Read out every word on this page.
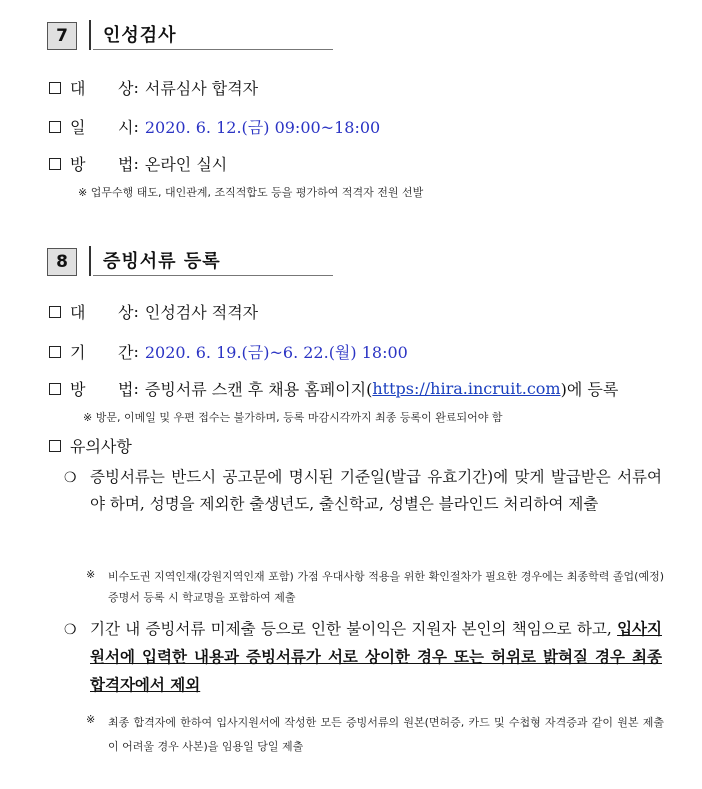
7	인성검사
대	상 : 서류심사 합격자
일	시 : 2020. 6. 12.(금) 09:00~18:00
방	법 : 온라인 실시
※ 업무수행 태도, 대인관계, 조직적합도 등을 평가하여 적격자 전원 선발
8	증빙서류 등록
대	상 : 인성검사 적격자
기	간 : 2020. 6. 19.(금)~6. 22.(월) 18:00
방	법 : 증빙서류 스캔 후 채용 홈페이지( https://hira.incruit.com )에 등록
※ 방문, 이메일 및 우편 접수는 불가하며, 등록 마감시각까지 최종 등록이 완료되어야 함
유의사항
❍ 증빙서류는 반드시 공고문에 명시된 기준일(발급 유효기간)에 맞게 발급받은 서류여야 하며, 성명을 제외한 출생년도, 출신학교, 성별은 블라인드 처리하여 제출
※ 비수도권 지역인재(강원지역인재 포함) 가점 우대사항 적용을 위한 확인절차가 필요한 경우에는 최종학력 졸업(예정)증명서 등록 시 학교명을 포함하여 제출
❍ 기간 내 증빙서류 미제출 등으로 인한 불이익은 지원자 본인의 책임으로 하고, 입사지원서에 입력한 내용과 증빙서류가 서로 상이한 경우 또는 허위로 밝혀질 경우 최종 합격자에서 제외
※ 최종 합격자에 한하여 입사지원서에 작성한 모든 증빙서류의 원본(면허증, 카드 및 수첩형 자격증과 같이 원본 제출이 어려울 경우 사본)을 임용일 당일 제출
